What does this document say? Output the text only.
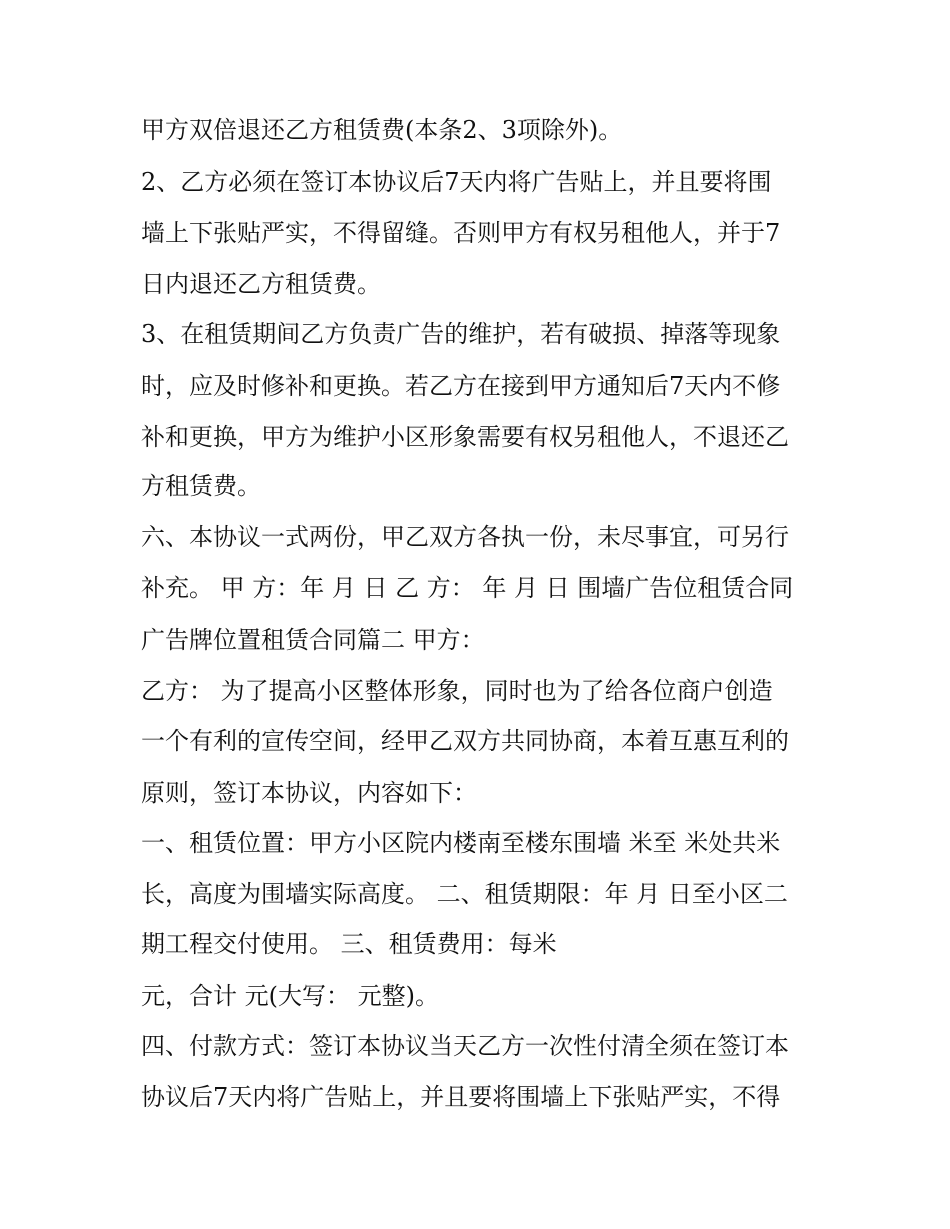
甲方双倍退还乙方租赁费(本条2、3项除外)。
2、乙方必须在签订本协议后7天内将广告贴上，并且要将围
墙上下张贴严实，不得留缝。否则甲方有权另租他人，并于7
日内退还乙方租赁费。
3、在租赁期间乙方负责广告的维护，若有破损、掉落等现象
时，应及时修补和更换。若乙方在接到甲方通知后7天内不修
补和更换，甲方为维护小区形象需要有权另租他人，不退还乙
方租赁费。
六、本协议一式两份，甲乙双方各执一份，未尽事宜，可另行
补充。 甲 方：年 月 日 乙 方： 年 月 日 围墙广告位租赁合同
广告牌位置租赁合同篇二 甲方：
乙方： 为了提高小区整体形象，同时也为了给各位商户创造
一个有利的宣传空间，经甲乙双方共同协商，本着互惠互利的
原则，签订本协议，内容如下：
一、租赁位置：甲方小区院内楼南至楼东围墙 米至 米处共米
长，高度为围墙实际高度。 二、租赁期限：年 月 日至小区二
期工程交付使用。 三、租赁费用：每米
元，合计 元(大写： 元整)。
四、付款方式：签订本协议当天乙方一次性付清全须在签订本
协议后7天内将广告贴上，并且要将围墙上下张贴严实，不得
